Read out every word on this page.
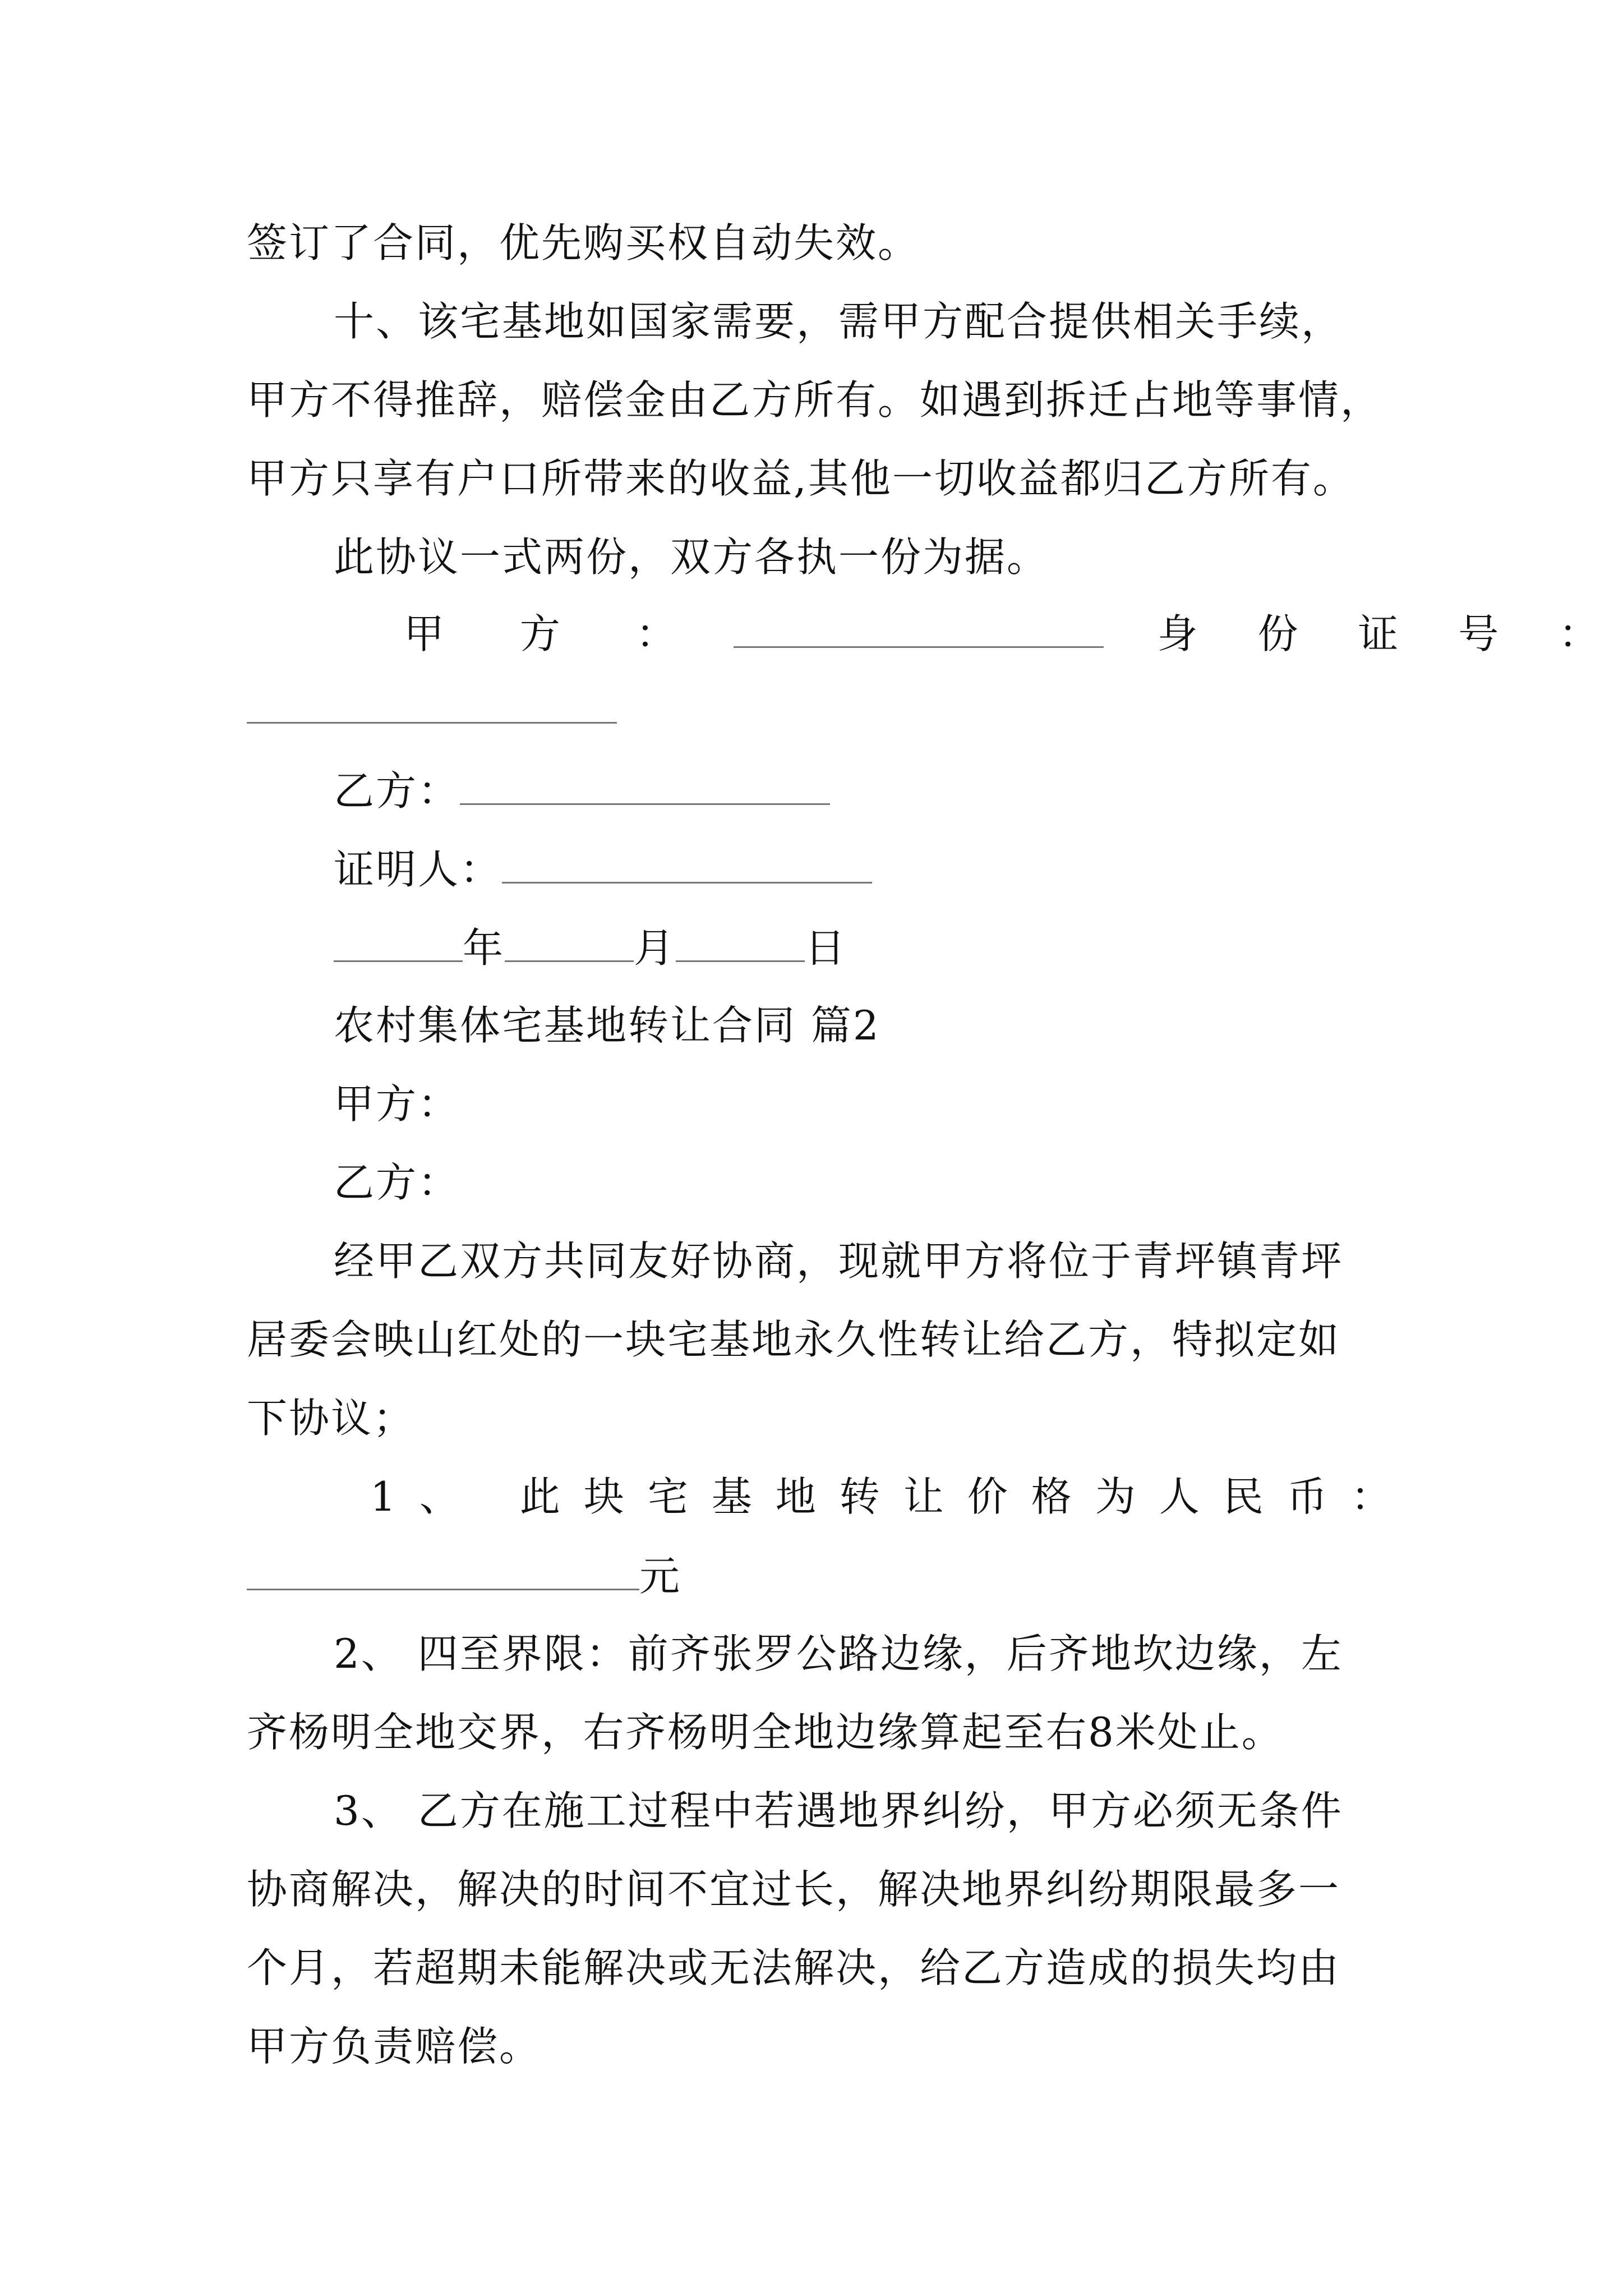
签订了合同，优先购买权自动失效。
十、该宅基地如国家需要，需甲方配合提供相关手续，
甲方不得推辞，赔偿金由乙方所有。如遇到拆迁占地等事情，
甲方只享有户口所带来的收益,其他一切收益都归乙方所有。
此协议一式两份，双方各执一份为据。
甲 方 ：	身 份 证 号 ：
乙方：
证明人：
年	月	日
农村集体宅基地转让合同 篇2
甲方：
乙方：
经甲乙双方共同友好协商，现就甲方将位于青坪镇青坪
居委会映山红处的一块宅基地永久性转让给乙方，特拟定如
下协议；
1、 此块宅基地转让价格为人民币：
元
2、 四至界限：前齐张罗公路边缘，后齐地坎边缘，左
齐杨明全地交界，右齐杨明全地边缘算起至右8米处止。
3、 乙方在施工过程中若遇地界纠纷，甲方必须无条件
协商解决，解决的时间不宜过长，解决地界纠纷期限最多一
个月，若超期未能解决或无法解决，给乙方造成的损失均由
甲方负责赔偿。
